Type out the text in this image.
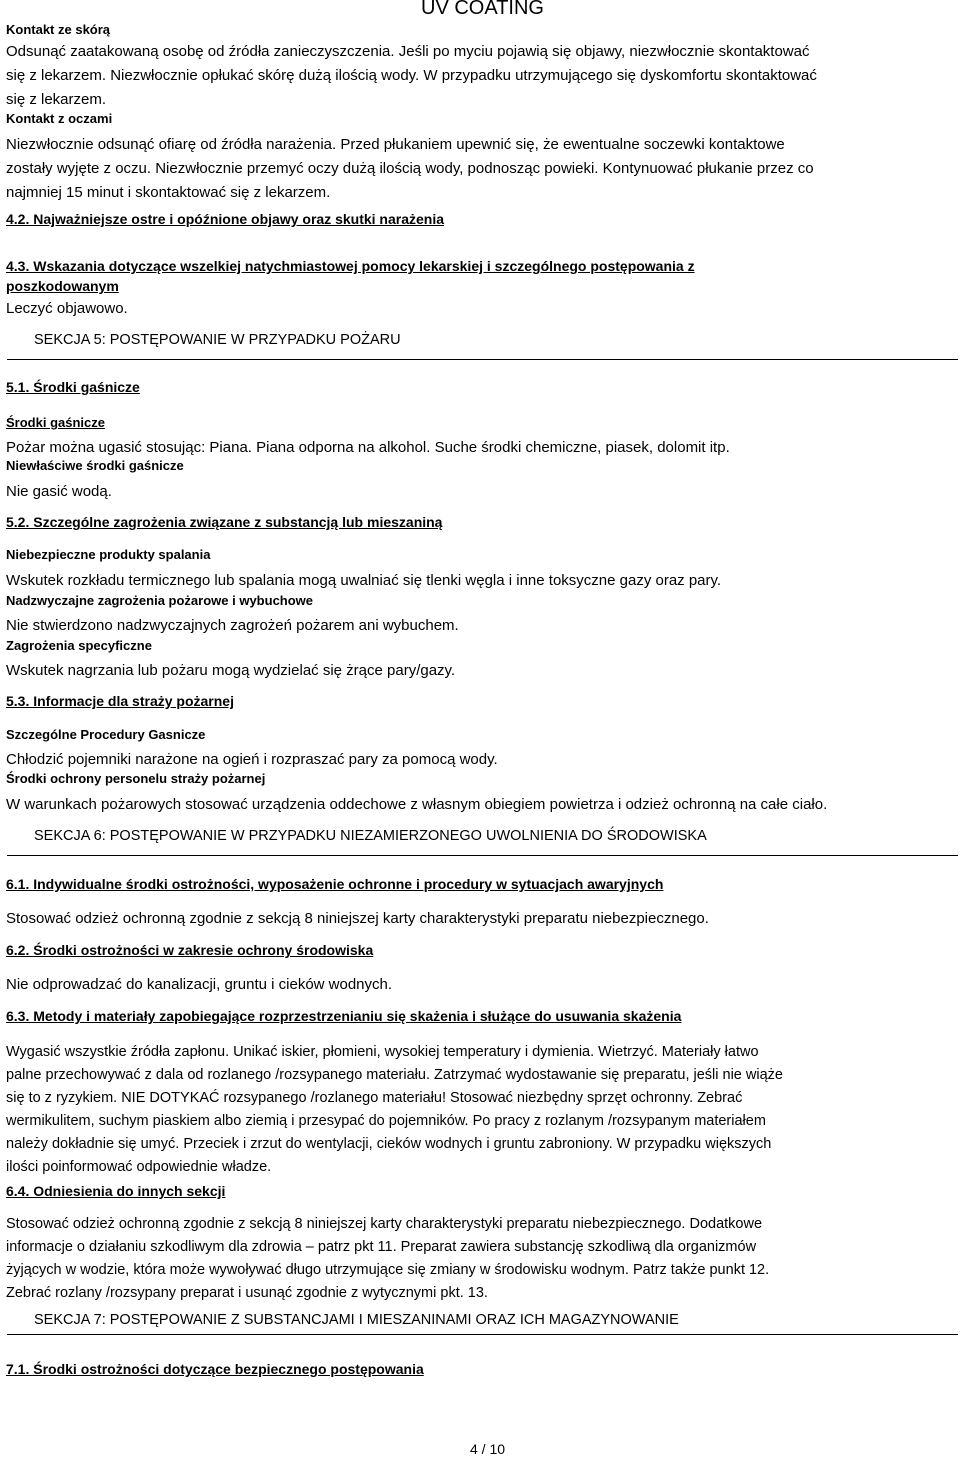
UV COATING
Kontakt ze skórą

Odsunąć zaatakowaną osobę od źródła zanieczyszczenia. Jeśli po myciu pojawią się objawy, niezwłocznie skontaktować

się z lekarzem. Niezwłocznie opłukać skórę dużą ilością wody. W przypadku utrzymującego się dyskomfortu skontaktować

się z lekarzem.

Kontakt z oczami

Niezwłocznie odsunąć ofiarę od źródła narażenia. Przed płukaniem upewnić się, że ewentualne soczewki kontaktowe

zostały wyjęte z oczu. Niezwłocznie przemyć oczy dużą ilością wody, podnosząc powieki. Kontynuować płukanie przez co

najmniej 15 minut i skontaktować się z lekarzem.

4.2. Najważniejsze ostre i opóźnione objawy oraz skutki narażenia
4.3. Wskazania dotyczące wszelkiej natychmiastowej pomocy lekarskiej i szczególnego postępowania z
poszkodowanym
Leczyć objawowo.
SEKCJA 5: POSTĘPOWANIE W PRZYPADKU POŻARU
5.1. Środki gaśnicze
Środki gaśnicze
Pożar można ugasić stosując: Piana. Piana odporna na alkohol. Suche środki chemiczne, piasek, dolomit itp.
Niewłaściwe środki gaśnicze
Nie gasić wodą.
5.2. Szczególne zagrożenia związane z substancją lub mieszaniną
Niebezpieczne produkty spalania
Wskutek rozkładu termicznego lub spalania mogą uwalniać się tlenki węgla i inne toksyczne gazy oraz pary.
Nadzwyczajne zagrożenia pożarowe i wybuchowe
Nie stwierdzono nadzwyczajnych zagrożeń pożarem ani wybuchem.
Zagrożenia specyficzne
Wskutek nagrzania lub pożaru mogą wydzielać się żrące pary/gazy.
5.3. Informacje dla straży pożarnej
Szczególne Procedury Gasnicze
Chłodzić pojemniki narażone na ogień i rozpraszać pary za pomocą wody.
Środki ochrony personelu straży pożarnej
W warunkach pożarowych stosować urządzenia oddechowe z własnym obiegiem powietrza i odzież ochronną na całe ciało.
SEKCJA 6: POSTĘPOWANIE W PRZYPADKU NIEZAMIERZONEGO UWOLNIENIA DO ŚRODOWISKA
6.1. Indywidualne środki ostrożności, wyposażenie ochronne i procedury w sytuacjach awaryjnych
Stosować odzież ochronną zgodnie z sekcją 8 niniejszej karty charakterystyki preparatu niebezpiecznego.
6.2. Środki ostrożności w zakresie ochrony środowiska
Nie odprowadzać do kanalizacji, gruntu i cieków wodnych.
6.3. Metody i materiały zapobiegające rozprzestrzenianiu się skażenia i służące do usuwania skażenia

Wygasić wszystkie źródła zapłonu. Unikać iskier, płomieni, wysokiej temperatury i dymienia. Wietrzyć. Materiały łatwo

palne przechowywać z dala od rozlanego /rozsypanego materiału. Zatrzymać wydostawanie się preparatu, jeśli nie wiąże

się to z ryzykiem. NIE DOTYKAĆ rozsypanego /rozlanego materiału! Stosować niezbędny sprzęt ochronny. Zebrać

wermikulitem, suchym piaskiem albo ziemią i przesypać do pojemników. Po pracy z rozlanym /rozsypanym materiałem

należy dokładnie się umyć. Przeciek i zrzut do wentylacji, cieków wodnych i gruntu zabroniony. W przypadku większych

ilości poinformować odpowiednie władze.

6.4. Odniesienia do innych sekcji

Stosować odzież ochronną zgodnie z sekcją 8 niniejszej karty charakterystyki preparatu niebezpiecznego. Dodatkowe

informacje o działaniu szkodliwym dla zdrowia – patrz pkt 11. Preparat zawiera substancję szkodliwą dla organizmów

żyjących w wodzie, która może wywoływać długo utrzymujące się zmiany w środowisku wodnym. Patrz także punkt 12.

Zebrać rozlany /rozsypany preparat i usunąć zgodnie z wytycznymi pkt. 13.

SEKCJA 7: POSTĘPOWANIE Z SUBSTANCJAMI I MIESZANINAMI ORAZ ICH MAGAZYNOWANIE
7.1. Środki ostrożności dotyczące bezpiecznego postępowania
4 / 10
